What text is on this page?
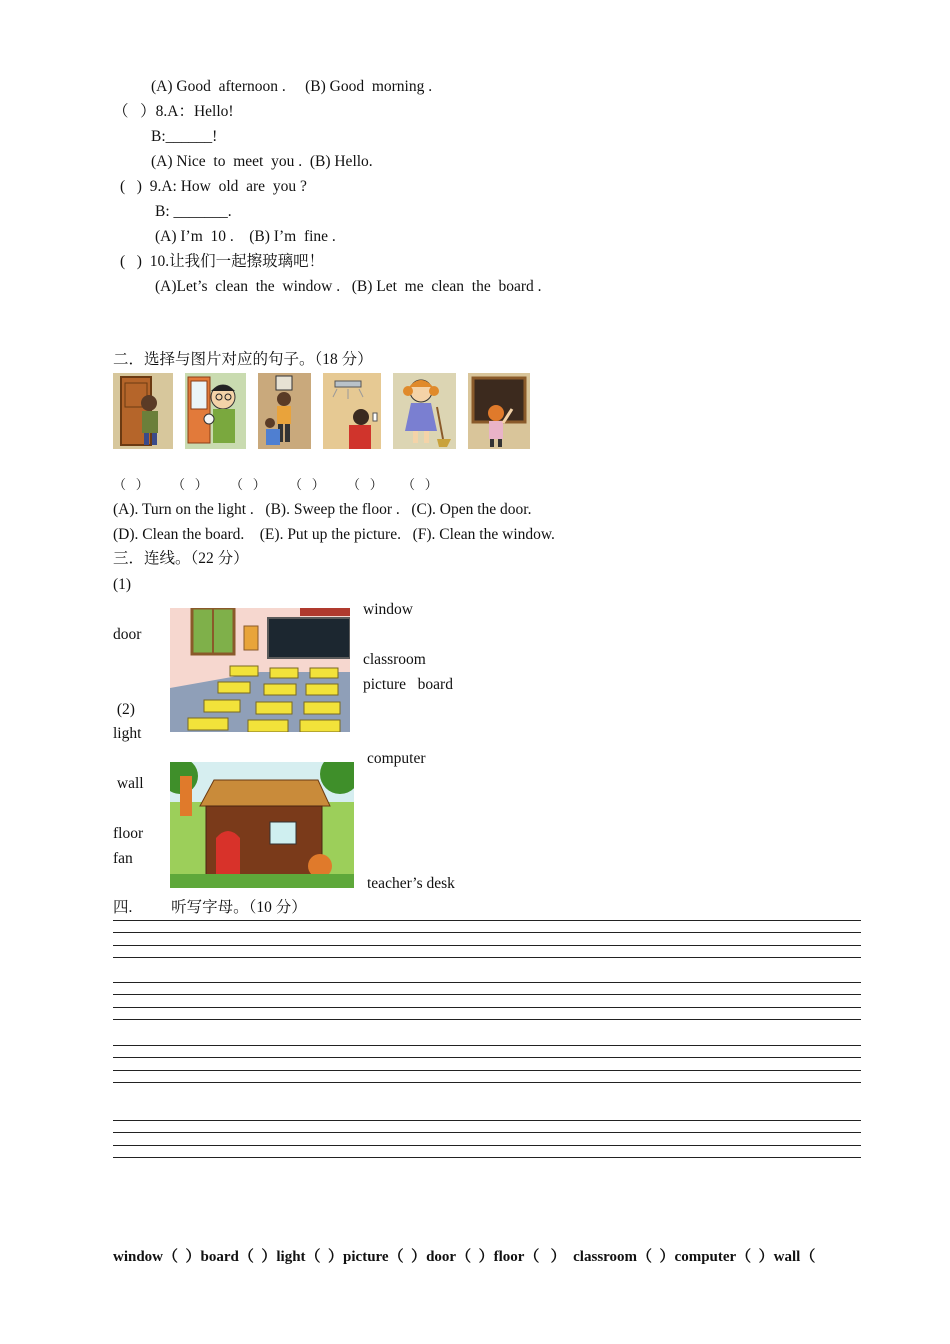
(A) Good  afternoon .     (B) Good  morning .
（   ）8.A：Hello!
B:______!
(A) Nice  to  meet  you .  (B) Hello.
(   )  9.A: How  old  are  you ?
B: _______.
(A) I’m  10 .    (B) I’m  fine .
(   )  10.让我们一起擦玻璃吧！
(A)Let’s  clean  the  window .   (B) Let  me  clean  the  board .
二．选择与图片对应的句子。（18 分）
（   ） （   ） （   ） （   ） （   ） （   ）
(A). Turn on the light .   (B). Sweep the floor .   (C). Open the door.
(D). Clean the board.    (E). Put up the picture.   (F). Clean the window.
三．连线。（22 分）
(1)
door
(2)
light
wall
floor
fan
window
classroom
picture   board
computer
teacher’s desk
四.          听写字母。（10 分）
window（  ）board（  ）light（  ）picture（  ）door（  ）floor（   ）  classroom（  ）computer（  ）wall（
